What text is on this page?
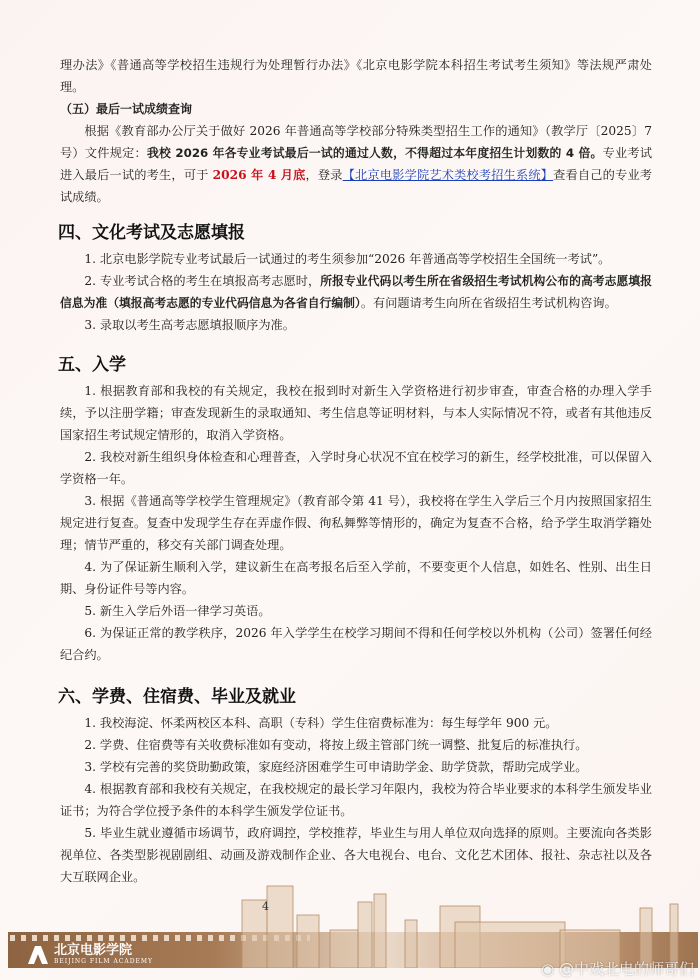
理办法》《普通高等学校招生违规行为处理暂行办法》《北京电影学院本科招生考试考生须知》等法规严肃处理。

（五）最后一试成绩查询

根据《教育部办公厅关于做好 2026 年普通高等学校部分特殊类型招生工作的通知》（教学厅〔2025〕7 号）文件规定：我校 2026 年各专业考试最后一试的通过人数，不得超过本年度招生计划数的 4 倍。专业考试进入最后一试的考生，可于 2026 年 4 月底，登录【北京电影学院艺术类校考招生系统】查看自己的专业考试成绩。

四、文化考试及志愿填报

1. 北京电影学院专业考试最后一试通过的考生须参加“2026 年普通高等学校招生全国统一考试”。

2. 专业考试合格的考生在填报高考志愿时，所报专业代码以考生所在省级招生考试机构公布的高考志愿填报信息为准（填报高考志愿的专业代码信息为各省自行编制）。有问题请考生向所在省级招生考试机构咨询。

3. 录取以考生高考志愿填报顺序为准。

五、入学

1. 根据教育部和我校的有关规定，我校在报到时对新生入学资格进行初步审查，审查合格的办理入学手续，予以注册学籍；审查发现新生的录取通知、考生信息等证明材料，与本人实际情况不符，或者有其他违反国家招生考试规定情形的，取消入学资格。

2. 我校对新生组织身体检查和心理普查，入学时身心状况不宜在校学习的新生，经学校批准，可以保留入学资格一年。

3. 根据《普通高等学校学生管理规定》（教育部令第 41 号），我校将在学生入学后三个月内按照国家招生规定进行复查。复查中发现学生存在弄虚作假、徇私舞弊等情形的，确定为复查不合格，给予学生取消学籍处理；情节严重的，移交有关部门调查处理。

4. 为了保证新生顺利入学，建议新生在高考报名后至入学前，不要变更个人信息，如姓名、性别、出生日期、身份证件号等内容。

5. 新生入学后外语一律学习英语。

6. 为保证正常的教学秩序，2026 年入学学生在校学习期间不得和任何学校以外机构（公司）签署任何经纪合约。

六、学费、住宿费、毕业及就业

1. 我校海淀、怀柔两校区本科、高职（专科）学生住宿费标准为：每生每学年 900 元。

2. 学费、住宿费等有关收费标准如有变动，将按上级主管部门统一调整、批复后的标准执行。

3. 学校有完善的奖贷助勤政策，家庭经济困难学生可申请助学金、助学贷款，帮助完成学业。

4. 根据教育部和我校有关规定，在我校规定的最长学习年限内，我校为符合毕业要求的本科学生颁发毕业证书；为符合学位授予条件的本科学生颁发学位证书。

5. 毕业生就业遵循市场调节，政府调控，学校推荐，毕业生与用人单位双向选择的原则。主要流向各类影视单位、各类型影视剧剧组、动画及游戏制作企业、各大电视台、电台、文化艺术团体、报社、杂志社以及各大互联网企业。

4
北京电影学院
BEIJING FILM ACADEMY	◉ @中戏北电的师哥们
